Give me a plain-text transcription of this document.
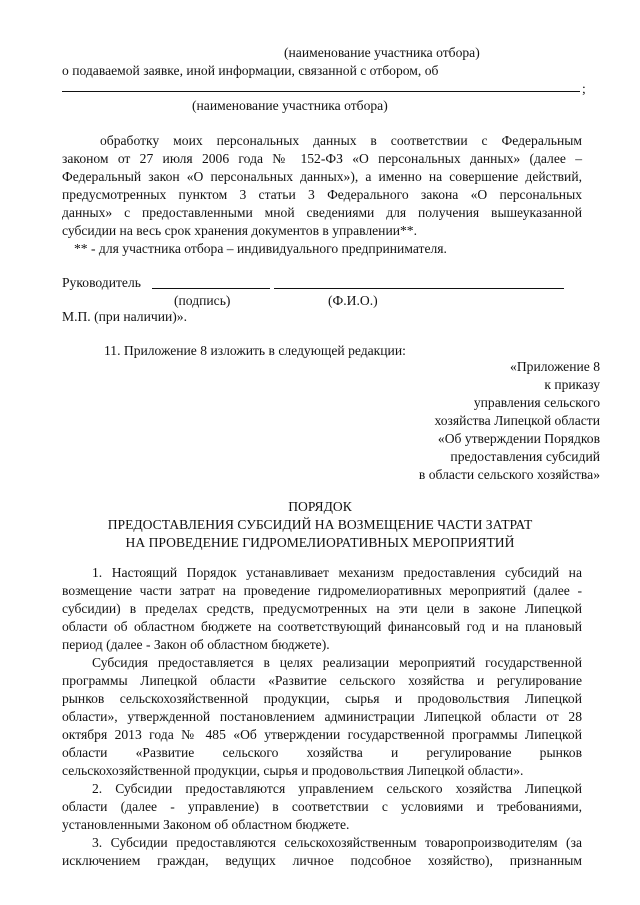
(наименование участника отбора)
о подаваемой заявке, иной информации, связанной с отбором, об
;
(наименование участника отбора)
обработку моих персональных данных в соответствии с Федеральным
законом от 27 июля 2006 года № 152-ФЗ «О персональных данных» (далее –
Федеральный закон «О персональных данных»), а именно на совершение действий,
предусмотренных пунктом 3 статьи 3 Федерального закона «О персональных
данных» с предоставленными мной сведениями для получения вышеуказанной
субсидии на весь срок хранения документов в управлении**.
** - для участника отбора – индивидуального предпринимателя.
Руководитель
(подпись)	(Ф.И.О.)
М.П. (при наличии)».
11. Приложение 8 изложить в следующей редакции:
«Приложение 8
к приказу
управления сельского
хозяйства Липецкой области
«Об утверждении Порядков
предоставления субсидий
в области сельского хозяйства»
ПОРЯДОК
ПРЕДОСТАВЛЕНИЯ СУБСИДИЙ НА ВОЗМЕЩЕНИЕ ЧАСТИ ЗАТРАТ
НА ПРОВЕДЕНИЕ ГИДРОМЕЛИОРАТИВНЫХ МЕРОПРИЯТИЙ
1. Настоящий Порядок устанавливает механизм предоставления субсидий на
возмещение части затрат на проведение гидромелиоративных мероприятий (далее -
субсидии) в пределах средств, предусмотренных на эти цели в законе Липецкой
области об областном бюджете на соответствующий финансовый год и на плановый
период (далее - Закон об областном бюджете).
Субсидия предоставляется в целях реализации мероприятий государственной
программы Липецкой области «Развитие сельского хозяйства и регулирование
рынков сельскохозяйственной продукции, сырья и продовольствия Липецкой
области», утвержденной постановлением администрации Липецкой области от 28
октября 2013 года № 485 «Об утверждении государственной программы Липецкой
области «Развитие сельского хозяйства и регулирование рынков
сельскохозяйственной продукции, сырья и продовольствия Липецкой области».
2. Субсидии предоставляются управлением сельского хозяйства Липецкой
области (далее - управление) в соответствии с условиями и требованиями,
установленными Законом об областном бюджете.
3. Субсидии предоставляются сельскохозяйственным товаропроизводителям (за
исключением граждан, ведущих личное подсобное хозяйство), признанным
